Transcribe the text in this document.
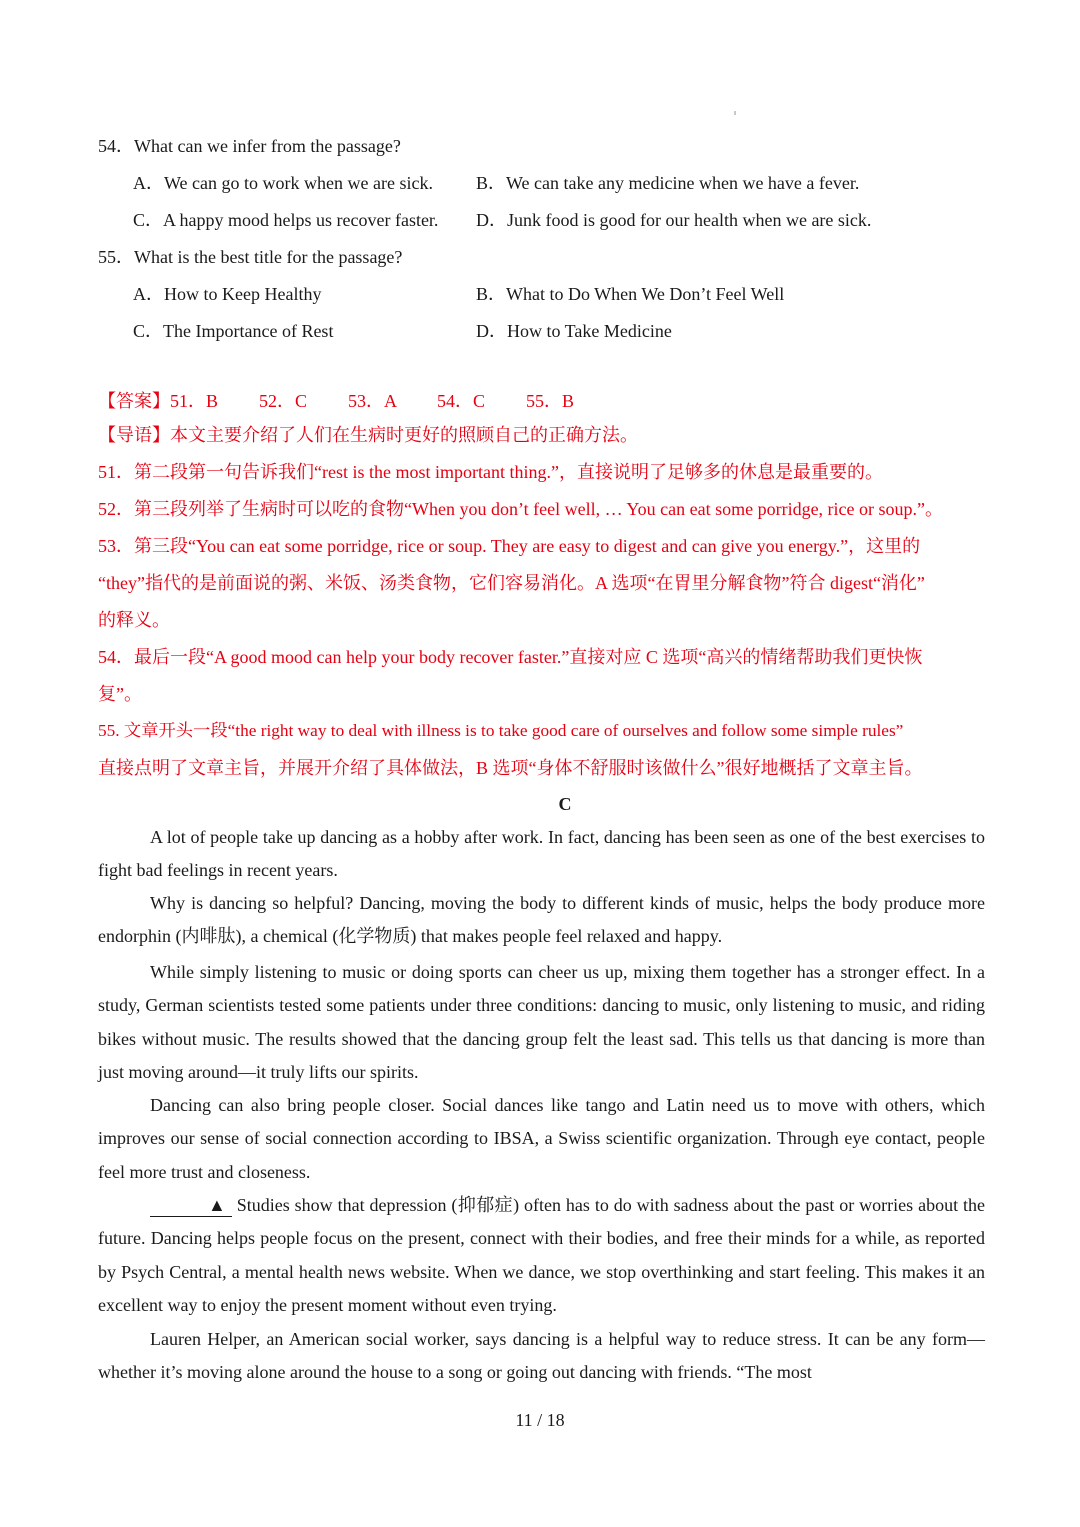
54．What can we infer from the passage?
A．We can go to work when we are sick. B．We can take any medicine when we have a fever.
C．A happy mood helps us recover faster. D．Junk food is good for our health when we are sick.
55．What is the best title for the passage?
A．How to Keep Healthy	B．What to Do When We Don’t Feel Well
C．The Importance of Rest	D．How to Take Medicine
【答案】51．B 52．C 53．A 54．C 55．B
【导语】本文主要介绍了人们在生病时更好的照顾自己的正确方法。
51．第二段第一句告诉我们“rest is the most important thing.”，直接说明了足够多的休息是最重要的。
52．第三段列举了生病时可以吃的食物“When you don’t feel well, … You can eat some porridge, rice or soup.”。
53．第三段“You can eat some porridge, rice or soup. They are easy to digest and can give you energy.”，这里的
“they”指代的是前面说的粥、米饭、汤类食物，它们容易消化。A 选项“在胃里分解食物”符合 digest“消化”
的释义。
54．最后一段“A good mood can help your body recover faster.”直接对应 C 选项“高兴的情绪帮助我们更快恢
复”。
55. 文章开头一段“the right way to deal with illness is to take good care of ourselves and follow some simple rules”
直接点明了文章主旨，并展开介绍了具体做法，B 选项“身体不舒服时该做什么”很好地概括了文章主旨。
C
A lot of people take up dancing as a hobby after work. In fact, dancing has been seen as one of the best exercises to fight bad feelings in recent years.
Why is dancing so helpful? Dancing, moving the body to different kinds of music, helps the body produce more endorphin (内啡肽), a chemical (化学物质) that makes people feel relaxed and happy.
While simply listening to music or doing sports can cheer us up, mixing them together has a stronger effect. In a study, German scientists tested some patients under three conditions: dancing to music, only listening to music, and riding bikes without music. The results showed that the dancing group felt the least sad. This tells us that dancing is more than just moving around—it truly lifts our spirits.
Dancing can also bring people closer. Social dances like tango and Latin need us to move with others, which improves our sense of social connection according to IBSA, a Swiss scientific organization. Through eye contact, people feel more trust and closeness.
▲ Studies show that depression (抑郁症) often has to do with sadness about the past or worries about the future. Dancing helps people focus on the present, connect with their bodies, and free their minds for a while, as reported by Psych Central, a mental health news website. When we dance, we stop overthinking and start feeling. This makes it an excellent way to enjoy the present moment without even trying.
Lauren Helper, an American social worker, says dancing is a helpful way to reduce stress. It can be any form—whether it’s moving alone around the house to a song or going out dancing with friends. “The most
11 / 18
